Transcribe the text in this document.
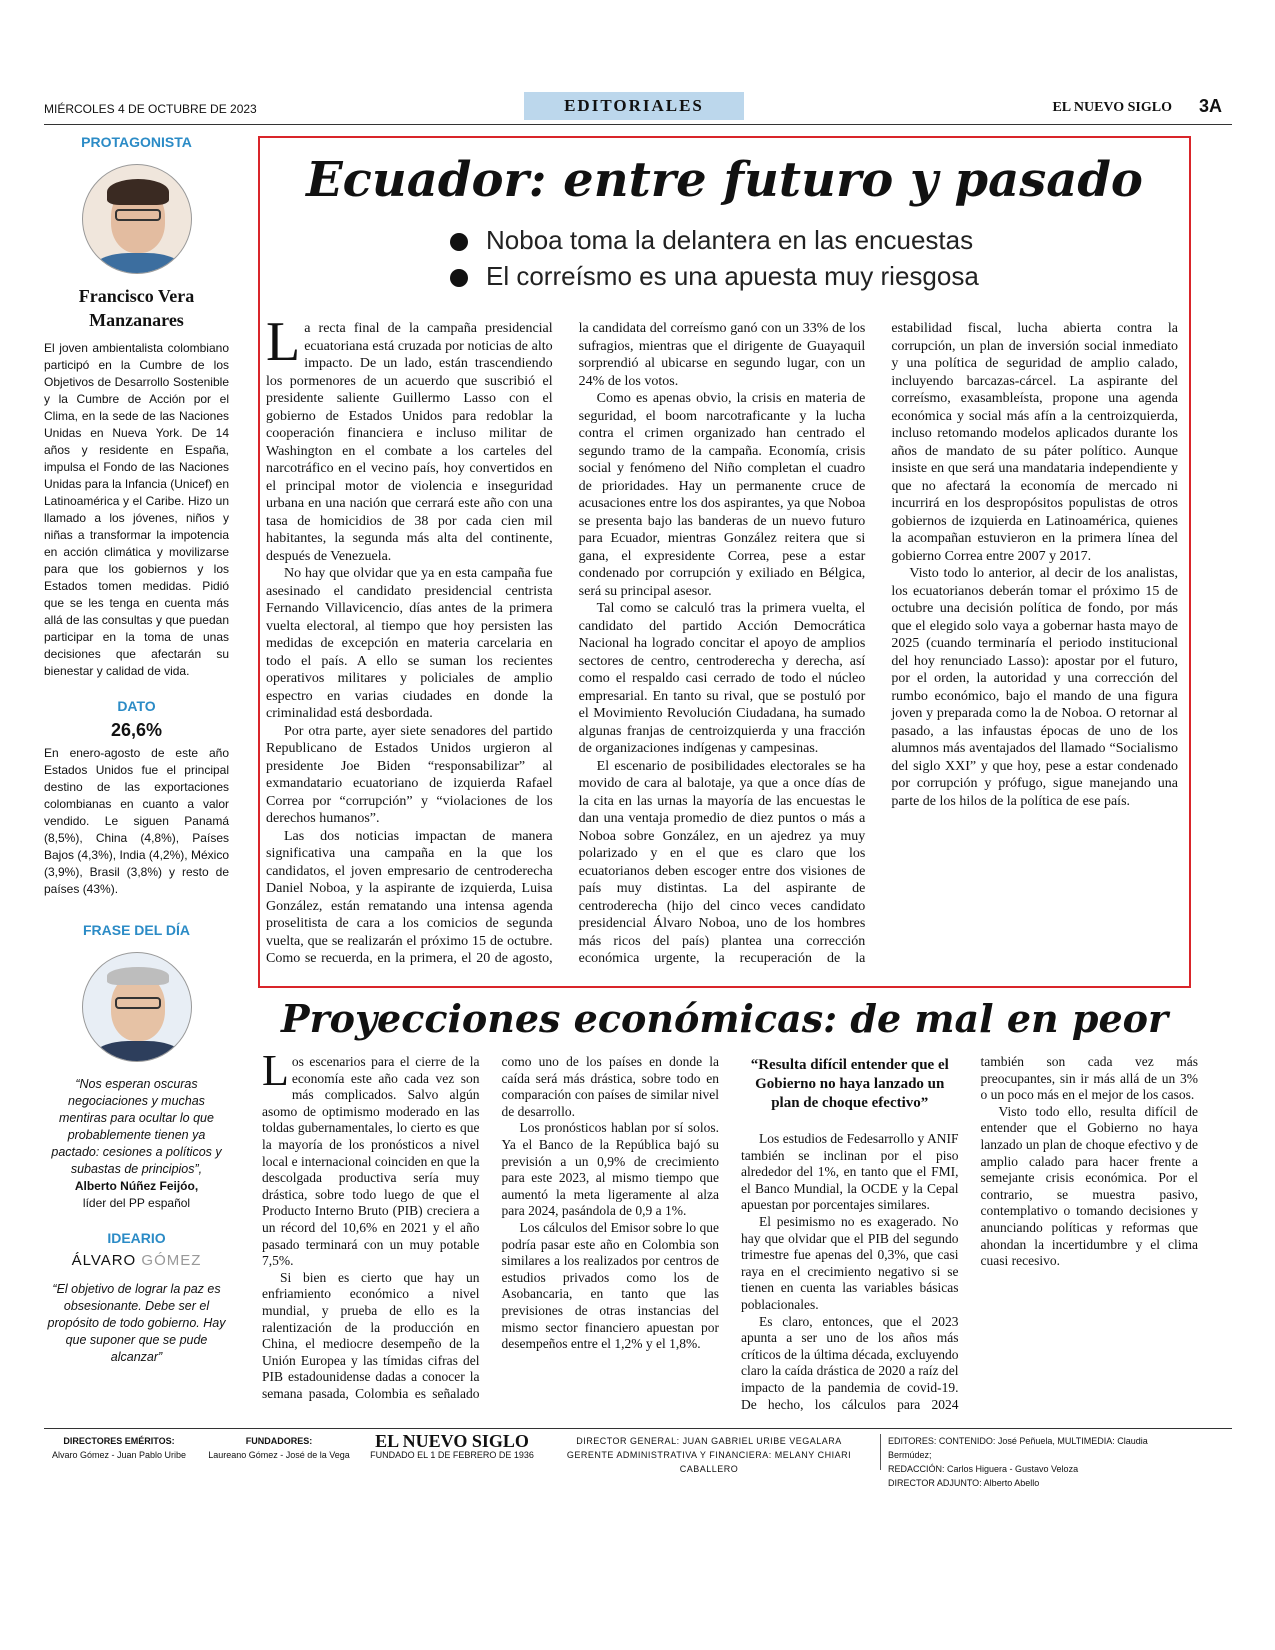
MIÉRCOLES 4 DE OCTUBRE DE 2023	EDITORIALES	EL NUEVO SIGLO 3A
PROTAGONISTA
Francisco Vera Manzanares
El joven ambientalista colombiano participó en la Cumbre de los Objetivos de Desarrollo Sostenible y la Cumbre de Acción por el Clima, en la sede de las Naciones Unidas en Nueva York. De 14 años y residente en España, impulsa el Fondo de las Naciones Unidas para la Infancia (Unicef) en Latinoamérica y el Caribe. Hizo un llamado a los jóvenes, niños y niñas a transformar la impotencia en acción climática y movilizarse para que los gobiernos y los Estados tomen medidas. Pidió que se les tenga en cuenta más allá de las consultas y que puedan participar en la toma de unas decisiones que afectarán su bienestar y calidad de vida.
DATO
26,6%
En enero-agosto de este año Estados Unidos fue el principal destino de las exportaciones colombianas en cuanto a valor vendido. Le siguen Panamá (8,5%), China (4,8%), Países Bajos (4,3%), India (4,2%), México (3,9%), Brasil (3,8%) y resto de países (43%).
FRASE DEL DÍA
“Nos esperan oscuras negociaciones y muchas mentiras para ocultar lo que probablemente tienen ya pactado: cesiones a políticos y subastas de principios”,
Alberto Núñez Feijóo,
líder del PP español
IDEARIO
ÁLVARO GÓMEZ
“El objetivo de lograr la paz es obsesionante. Debe ser el propósito de todo gobierno. Hay que suponer que se pude alcanzar”
Ecuador: entre futuro y pasado
Noboa toma la delantera en las encuestas
El correísmo es una apuesta muy riesgosa

La recta final de la campaña presidencial ecuatoriana está cruzada por noticias de alto impacto. De un lado, están trascendiendo los pormenores de un acuerdo que suscribió el presidente saliente Guillermo Lasso con el gobierno de Estados Unidos para redoblar la cooperación financiera e incluso militar de Washington en el combate a los carteles del narcotráfico en el vecino país, hoy convertidos en el principal motor de violencia e inseguridad urbana en una nación que cerrará este año con una tasa de homicidios de 38 por cada cien mil habitantes, la segunda más alta del continente, después de Venezuela.

No hay que olvidar que ya en esta campaña fue asesinado el candidato presidencial centrista Fernando Villavicencio, días antes de la primera vuelta electoral, al tiempo que hoy persisten las medidas de excepción en materia carcelaria en todo el país. A ello se suman los recientes operativos militares y policiales de amplio espectro en varias ciudades en donde la criminalidad está desbordada.

Por otra parte, ayer siete senadores del partido Republicano de Estados Unidos urgieron al presidente Joe Biden “responsabilizar” al exmandatario ecuatoriano de izquierda Rafael Correa por “corrupción” y “violaciones de los derechos humanos”.

Las dos noticias impactan de manera significativa una campaña en la que los candidatos, el joven empresario de centroderecha Daniel Noboa, y la aspirante de izquierda, Luisa González, están rematando una intensa agenda proselitista de cara a los comicios de segunda vuelta, que se realizarán el próximo 15 de octubre. Como se recuerda, en la primera, el 20 de agosto, la candidata del correísmo ganó con un 33% de los sufragios, mientras que el dirigente de Guayaquil sorprendió al ubicarse en segundo lugar, con un 24% de los votos.

Como es apenas obvio, la crisis en materia de seguridad, el boom narcotraficante y la lucha contra el crimen organizado han centrado el segundo tramo de la campaña. Economía, crisis social y fenómeno del Niño completan el cuadro de prioridades. Hay un permanente cruce de acusaciones entre los dos aspirantes, ya que Noboa se presenta bajo las banderas de un nuevo futuro para Ecuador, mientras González reitera que si gana, el expresidente Correa, pese a estar condenado por corrupción y exiliado en Bélgica, será su principal asesor.

Tal como se calculó tras la primera vuelta, el candidato del partido Acción Democrática Nacional ha logrado concitar el apoyo de amplios sectores de centro, centroderecha y derecha, así como el respaldo casi cerrado de todo el núcleo empresarial. En tanto su rival, que se postuló por el Movimiento Revolución Ciudadana, ha sumado algunas franjas de centroizquierda y una fracción de organizaciones indígenas y campesinas.

El escenario de posibilidades electorales se ha movido de cara al balotaje, ya que a once días de la cita en las urnas la mayoría de las encuestas le dan una ventaja promedio de diez puntos o más a Noboa sobre González, en un ajedrez ya muy polarizado y en el que es claro que los ecuatorianos deben escoger entre dos visiones de país muy distintas. La del aspirante de centroderecha (hijo del cinco veces candidato presidencial Álvaro Noboa, uno de los hombres más ricos del país) plantea una corrección económica urgente, la recuperación de la estabilidad fiscal, lucha abierta contra la corrupción, un plan de inversión social inmediato y una política de seguridad de amplio calado, incluyendo barcazas-cárcel. La aspirante del correísmo, exasambleísta, propone una agenda económica y social más afín a la centroizquierda, incluso retomando modelos aplicados durante los años de mandato de su páter político. Aunque insiste en que será una mandataria independiente y que no afectará la economía de mercado ni incurrirá en los despropósitos populistas de otros gobiernos de izquierda en Latinoamérica, quienes la acompañan estuvieron en la primera línea del gobierno Correa entre 2007 y 2017.

Visto todo lo anterior, al decir de los analistas, los ecuatorianos deberán tomar el próximo 15 de octubre una decisión política de fondo, por más que el elegido solo vaya a gobernar hasta mayo de 2025 (cuando terminaría el periodo institucional del hoy renunciado Lasso): apostar por el futuro, por el orden, la autoridad y una corrección del rumbo económico, bajo el mando de una figura joven y preparada como la de Noboa. O retornar al pasado, a las infaustas épocas de uno de los alumnos más aventajados del llamado “Socialismo del siglo XXI” y que hoy, pese a estar condenado por corrupción y prófugo, sigue manejando una parte de los hilos de la política de ese país.

Proyecciones económicas: de mal en peor

Los escenarios para el cierre de la economía este año cada vez son más complicados. Salvo algún asomo de optimismo moderado en las toldas gubernamentales, lo cierto es que la mayoría de los pronósticos a nivel local e internacional coinciden en que la descolgada productiva sería muy drástica, sobre todo luego de que el Producto Interno Bruto (PIB) creciera a un récord del 10,6% en 2021 y el año pasado terminará con un muy potable 7,5%.

Si bien es cierto que hay un enfriamiento económico a nivel mundial, y prueba de ello es la ralentización de la producción en China, el mediocre desempeño de la Unión Europea y las tímidas cifras del PIB estadounidense dadas a conocer la semana pasada, Colombia es señalado como uno de los países en donde la caída será más drástica, sobre todo en comparación con países de similar nivel de desarrollo.

Los pronósticos hablan por sí solos. Ya el Banco de la República bajó su previsión a un 0,9% de crecimiento para este 2023, al mismo tiempo que aumentó la meta ligeramente al alza para 2024, pasándola de 0,9 a 1%.

Los cálculos del Emisor sobre lo que podría pasar este año en Colombia son similares a los realizados por centros de estudios privados como los de Asobancaria, en tanto que las previsiones de otras instancias del mismo sector financiero apuestan por desempeños entre el 1,2% y el 1,8%.

“Resulta difícil entender que el Gobierno no haya lanzado un plan de choque efectivo”

Los estudios de Fedesarrollo y ANIF también se inclinan por el piso alrededor del 1%, en tanto que el FMI, el Banco Mundial, la OCDE y la Cepal apuestan por porcentajes similares.

El pesimismo no es exagerado. No hay que olvidar que el PIB del segundo trimestre fue apenas del 0,3%, que casi raya en el crecimiento negativo si se tienen en cuenta las variables básicas poblacionales.

Es claro, entonces, que el 2023 apunta a ser uno de los años más críticos de la última década, excluyendo claro la caída drástica de 2020 a raíz del impacto de la pandemia de covid-19. De hecho, los cálculos para 2024 también son cada vez más preocupantes, sin ir más allá de un 3% o un poco más en el mejor de los casos.

Visto todo ello, resulta difícil de entender que el Gobierno no haya lanzado un plan de choque efectivo y de amplio calado para hacer frente a semejante crisis económica. Por el contrario, se muestra pasivo, contemplativo o tomando decisiones y anunciando políticas y reformas que ahondan la incertidumbre y el clima cuasi recesivo.

DIRECTORES EMÉRITOS:
Alvaro Gómez - Juan Pablo Uribe
FUNDADORES:
Laureano Gómez - José de la Vega
EL NUEVO SIGLO
FUNDADO EL 1 DE FEBRERO DE 1936
DIRECTOR GENERAL: JUAN GABRIEL URIBE VEGALARA
GERENTE ADMINISTRATIVA Y FINANCIERA: MELANY CHIARI CABALLERO
EDITORES: CONTENIDO: José Peñuela, MULTIMEDIA: Claudia Bermúdez;
REDACCIÓN: Carlos Higuera - Gustavo Veloza
DIRECTOR ADJUNTO: Alberto Abello
